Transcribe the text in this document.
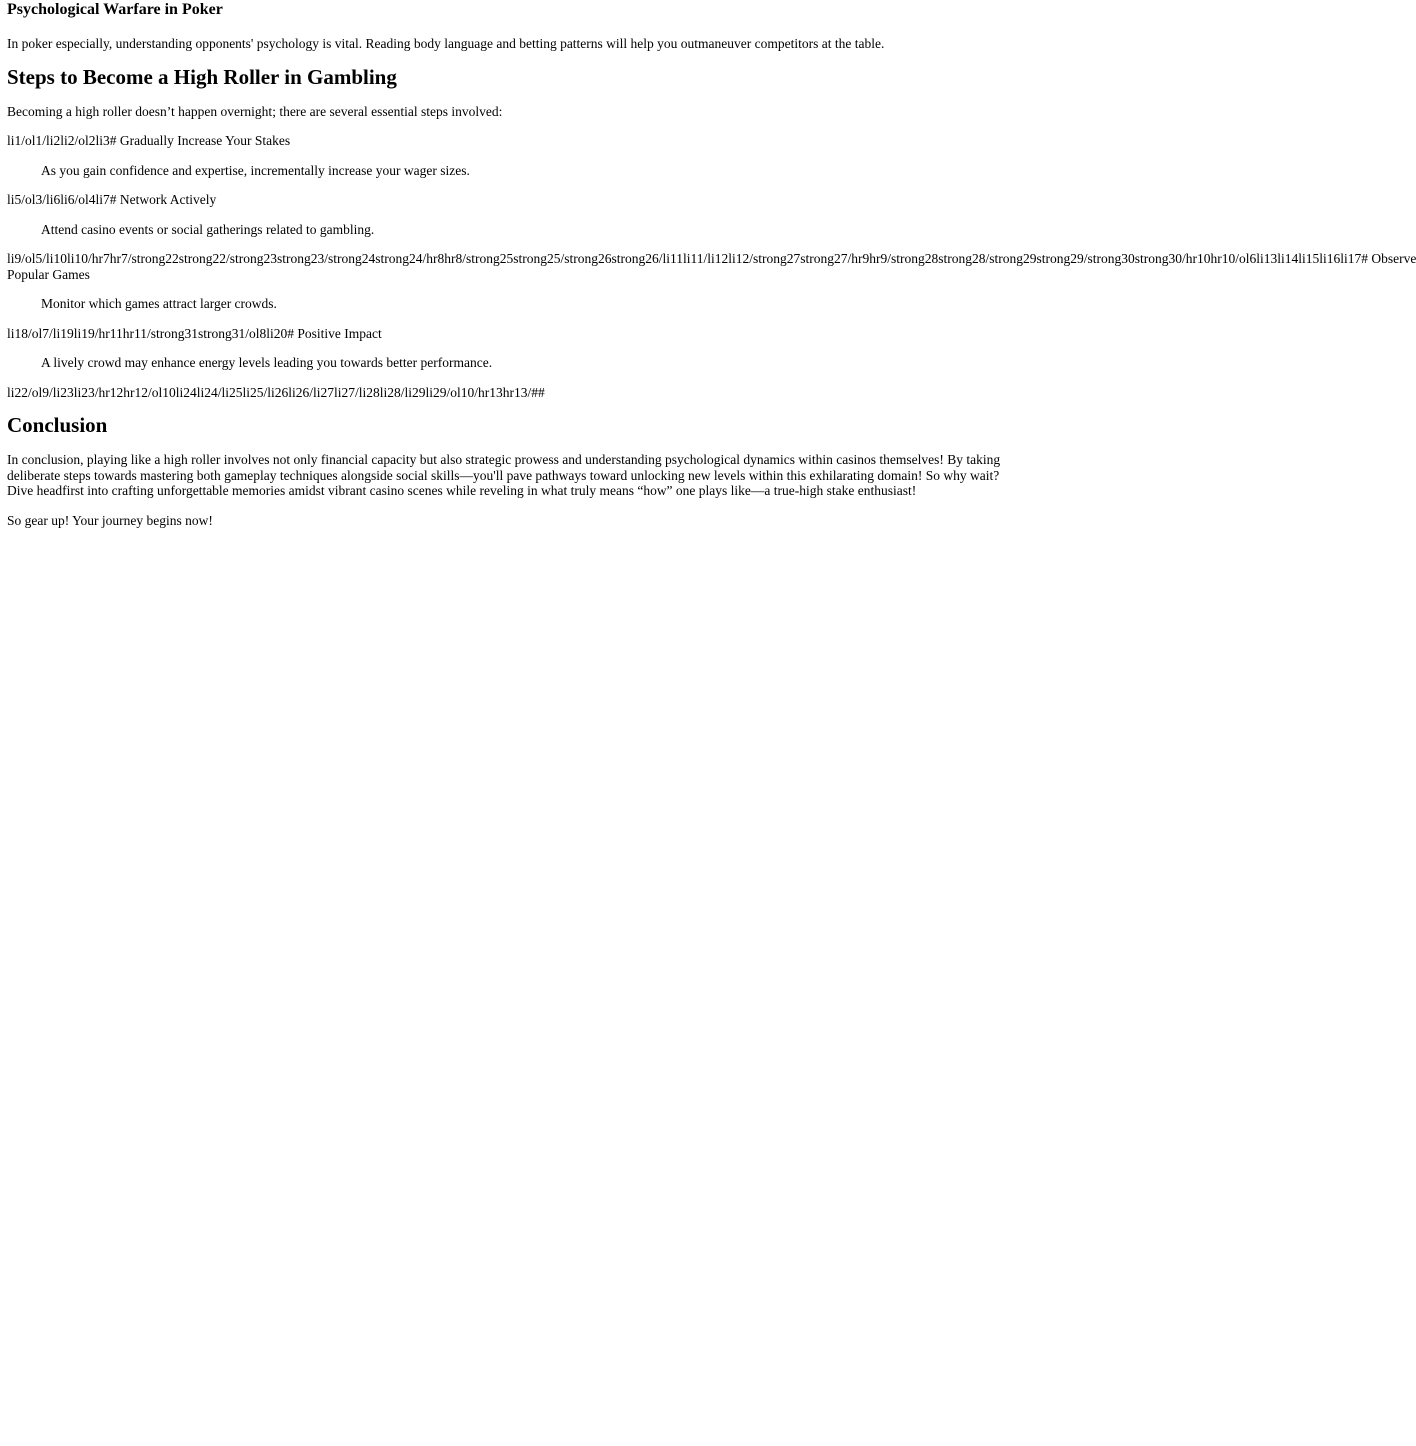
Psychological Warfare in Poker

In poker especially, understanding opponents' psychology is vital. Reading body language and betting patterns will help you outmaneuver competitors at the table.

Steps to Become a High Roller in Gambling

Becoming a high roller doesn’t happen overnight; there are several essential steps involved:

li1/ol1/li2li2/ol2li3# Gradually Increase Your Stakes

As you gain confidence and expertise, incrementally increase your wager sizes.

li5/ol3/li6li6/ol4li7# Network Actively

Attend casino events or social gatherings related to gambling.

li9/ol5/li10li10/hr7hr7/strong22strong22/strong23strong23/strong24strong24/hr8hr8/strong25strong25/strong26strong26/li11li11/li12li12/strong27strong27/hr9hr9/strong28strong28/strong29strong29/strong30strong30/hr10hr10/ol6li13li14li15li16li17# Observe

Popular Games

Monitor which games attract larger crowds.

li18/ol7/li19li19/hr11hr11/strong31strong31/ol8li20# Positive Impact

A lively crowd may enhance energy levels leading you towards better performance.

li22/ol9/li23li23/hr12hr12/ol10li24li24/li25li25/li26li26/li27li27/li28li28/li29li29/ol10/hr13hr13/##

Conclusion

In conclusion, playing like a high roller involves not only financial capacity but also strategic prowess and understanding psychological dynamics within casinos themselves! By taking deliberate steps towards mastering both gameplay techniques alongside social skills—you'll pave pathways toward unlocking new levels within this exhilarating domain! So why wait? Dive headfirst into crafting unforgettable memories amidst vibrant casino scenes while reveling in what truly means “how” one plays like—a true-high stake enthusiast!

So gear up! Your journey begins now!
